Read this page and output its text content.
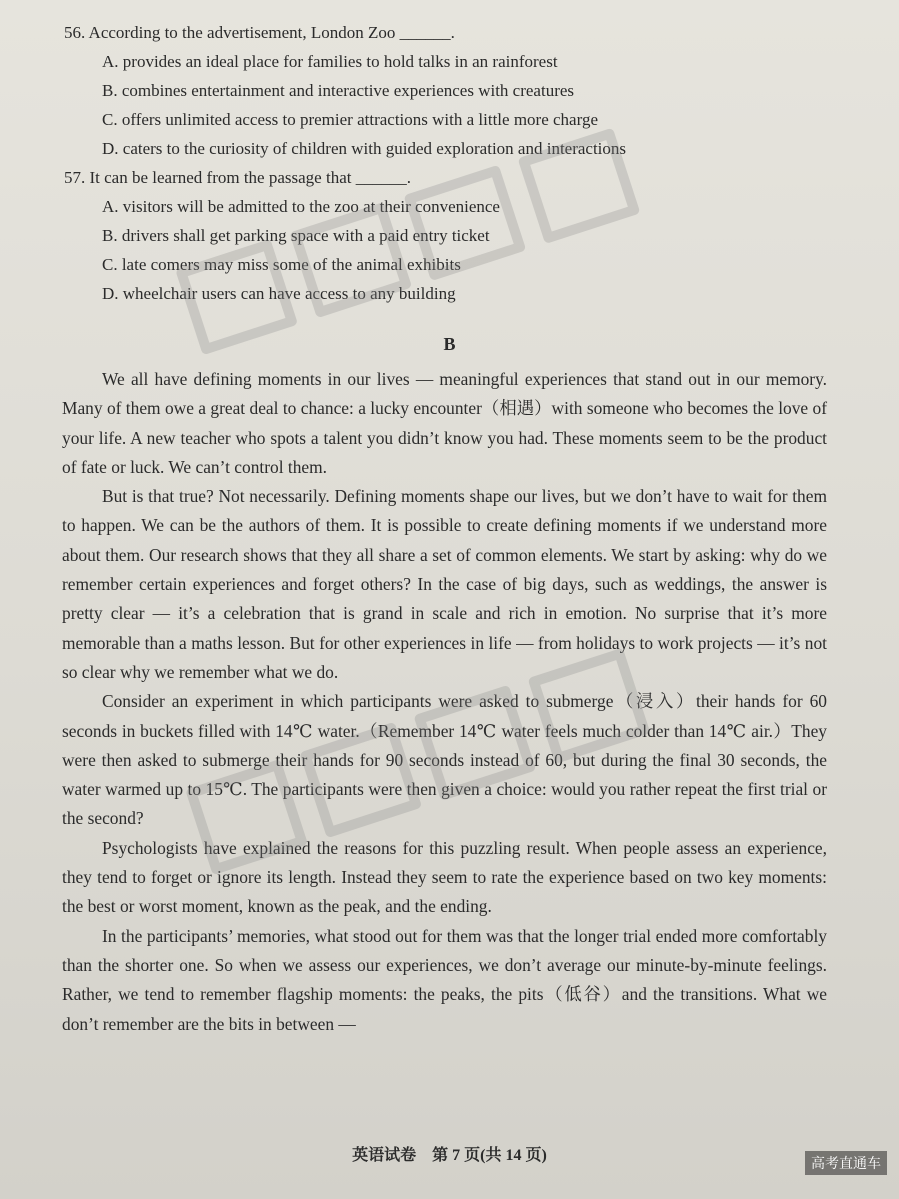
56. According to the advertisement, London Zoo ______.
A. provides an ideal place for families to hold talks in an rainforest
B. combines entertainment and interactive experiences with creatures
C. offers unlimited access to premier attractions with a little more charge
D. caters to the curiosity of children with guided exploration and interactions
57. It can be learned from the passage that ______.
A. visitors will be admitted to the zoo at their convenience
B. drivers shall get parking space with a paid entry ticket
C. late comers may miss some of the animal exhibits
D. wheelchair users can have access to any building
B

We all have defining moments in our lives — meaningful experiences that stand out in our memory. Many of them owe a great deal to chance: a lucky encounter（相遇）with someone who becomes the love of your life. A new teacher who spots a talent you didn’t know you had. These moments seem to be the product of fate or luck. We can’t control them.

But is that true? Not necessarily. Defining moments shape our lives, but we don’t have to wait for them to happen. We can be the authors of them. It is possible to create defining moments if we understand more about them. Our research shows that they all share a set of common elements. We start by asking: why do we remember certain experiences and forget others? In the case of big days, such as weddings, the answer is pretty clear — it’s a celebration that is grand in scale and rich in emotion. No surprise that it’s more memorable than a maths lesson. But for other experiences in life — from holidays to work projects — it’s not so clear why we remember what we do.

Consider an experiment in which participants were asked to submerge（浸入）their hands for 60 seconds in buckets filled with 14℃ water.（Remember 14℃ water feels much colder than 14℃ air.）They were then asked to submerge their hands for 90 seconds instead of 60, but during the final 30 seconds, the water warmed up to 15℃. The participants were then given a choice: would you rather repeat the first trial or the second?

Psychologists have explained the reasons for this puzzling result. When people assess an experience, they tend to forget or ignore its length. Instead they seem to rate the experience based on two key moments: the best or worst moment, known as the peak, and the ending.

In the participants’ memories, what stood out for them was that the longer trial ended more comfortably than the shorter one. So when we assess our experiences, we don’t average our minute-by-minute feelings. Rather, we tend to remember flagship moments: the peaks, the pits（低谷）and the transitions. What we don’t remember are the bits in between —

英语试卷　第 7 页(共 14 页)	高考直通车
